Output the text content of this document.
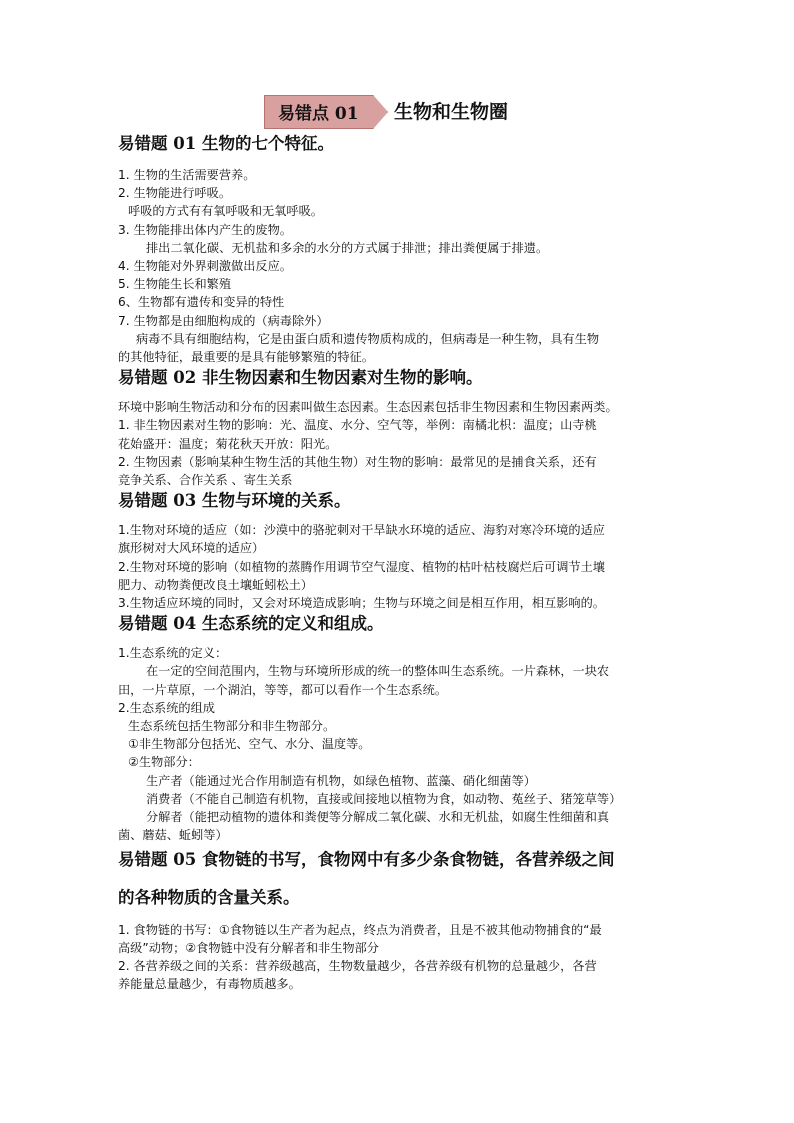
易错点 01 生物和生物圈
易错题 01 生物的七个特征。

1. 生物的生活需要营养。

2. 生物能进行呼吸。

呼吸的方式有有氧呼吸和无氧呼吸。

3. 生物能排出体内产生的废物。

排出二氧化碳、无机盐和多余的水分的方式属于排泄；排出粪便属于排遗。

4. 生物能对外界刺激做出反应。

5. 生物能生长和繁殖

6、生物都有遗传和变异的特性

7. 生物都是由细胞构成的（病毒除外）

病毒不具有细胞结构，它是由蛋白质和遗传物质构成的，但病毒是一种生物，具有生物

的其他特征，最重要的是具有能够繁殖的特征。

易错题 02 非生物因素和生物因素对生物的影响。

环境中影响生物活动和分布的因素叫做生态因素。生态因素包括非生物因素和生物因素两类。

1. 非生物因素对生物的影响：光、温度、水分、空气等，举例：南橘北枳：温度；山寺桃

花始盛开：温度；菊花秋天开放：阳光。

2. 生物因素（影响某种生物生活的其他生物）对生物的影响：最常见的是捕食关系，还有

竞争关系、合作关系 、寄生关系

易错题 03 生物与环境的关系。

1.生物对环境的适应（如：沙漠中的骆驼刺对干旱缺水环境的适应、海豹对寒冷环境的适应

旗形树对大风环境的适应）

2.生物对环境的影响（如植物的蒸腾作用调节空气湿度、植物的枯叶枯枝腐烂后可调节土壤

肥力、动物粪便改良土壤蚯蚓松土）

3.生物适应环境的同时，又会对环境造成影响；生物与环境之间是相互作用，相互影响的。

易错题 04 生态系统的定义和组成。

1.生态系统的定义：

在一定的空间范围内，生物与环境所形成的统一的整体叫生态系统。一片森林，一块农

田，一片草原，一个湖泊，等等，都可以看作一个生态系统。

2.生态系统的组成

生态系统包括生物部分和非生物部分。

①非生物部分包括光、空气、水分、温度等。

②生物部分：

生产者（能通过光合作用制造有机物，如绿色植物、蓝藻、硝化细菌等）

消费者（不能自己制造有机物，直接或间接地以植物为食，如动物、菟丝子、猪笼草等）

分解者（能把动植物的遗体和粪便等分解成二氧化碳、水和无机盐，如腐生性细菌和真

菌、蘑菇、蚯蚓等）

易错题 05 食物链的书写，食物网中有多少条食物链，各营养级之间
的各种物质的含量关系。

1. 食物链的书写：①食物链以生产者为起点，终点为消费者，且是不被其他动物捕食的“最

高级”动物；②食物链中没有分解者和非生物部分

2. 各营养级之间的关系：营养级越高，生物数量越少，各营养级有机物的总量越少，各营

养能量总量越少，有毒物质越多。
